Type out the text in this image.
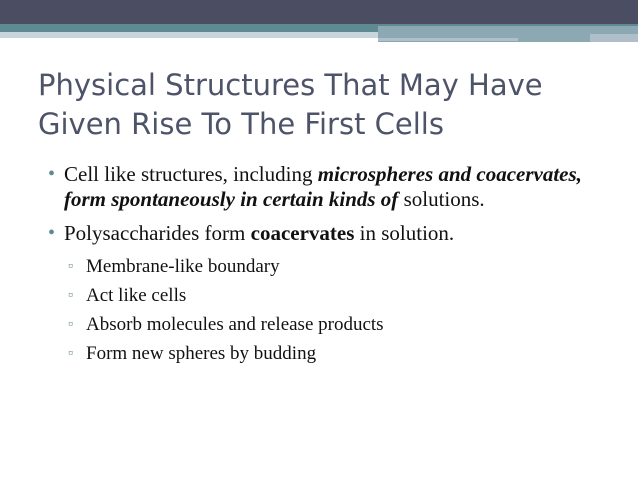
Physical Structures That May Have Given Rise To The First Cells
• Cell like structures, including microspheres and coacervates, form spontaneously in certain kinds of solutions.
• Polysaccharides form coacervates in solution.
▫ Membrane-like boundary
▫ Act like cells
▫ Absorb molecules and release products
▫ Form new spheres by budding
